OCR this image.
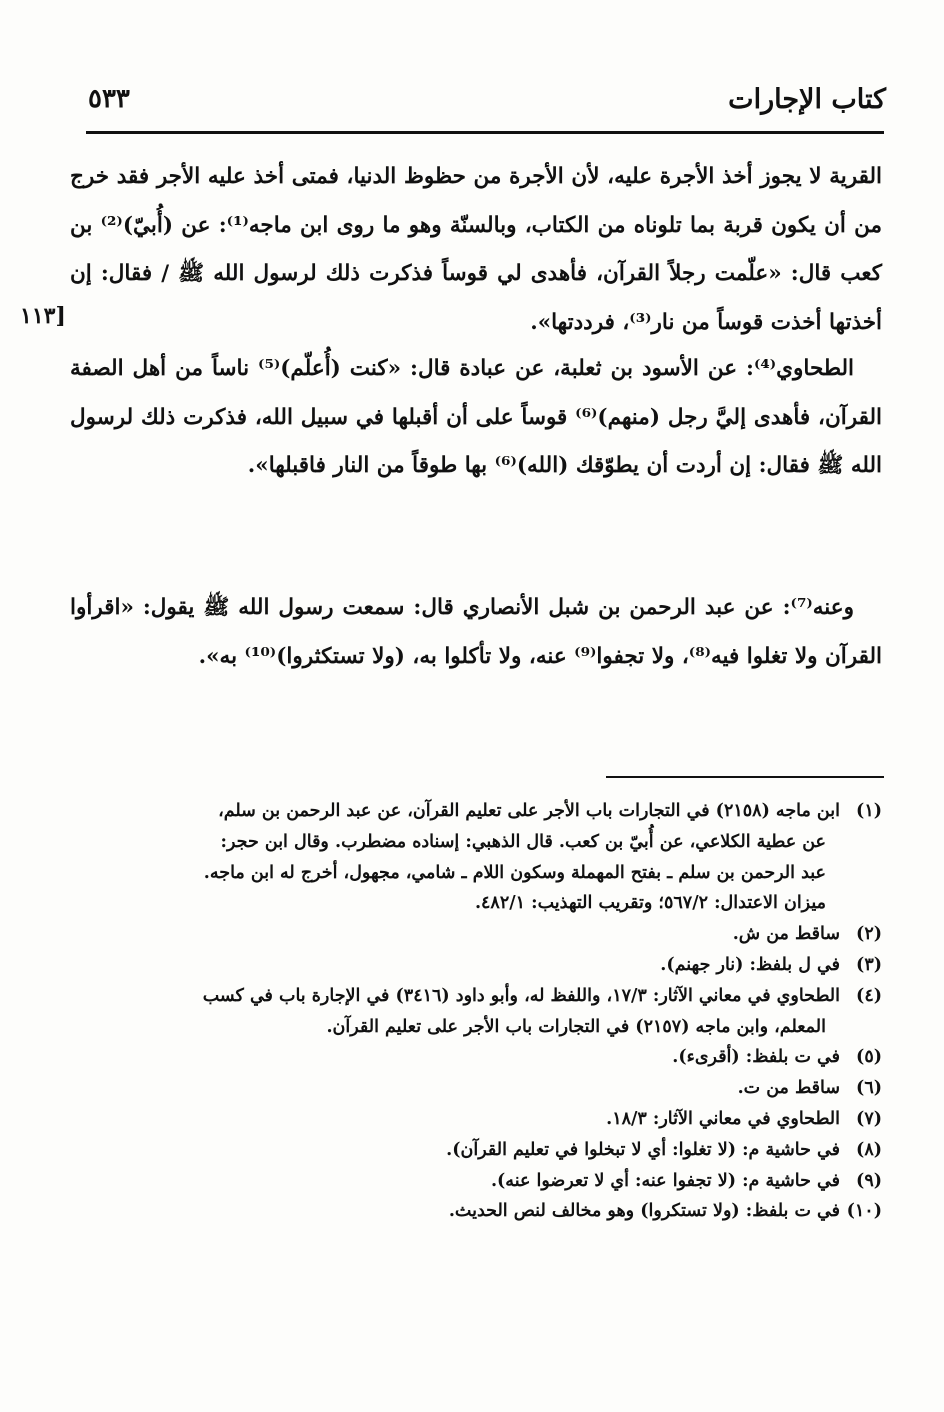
كتاب الإجارات
٥٣٣
١١٣]

القرية لا يجوز أخذ الأجرة عليه، لأن الأجرة من حظوظ الدنيا، فمتى أخذ عليه الأجر فقد خرج من أن يكون قربة بما تلوناه من الكتاب، وبالسنّة وهو ما روى ابن ماجه⁽¹⁾: عن (أُبيّ)⁽²⁾ بن كعب قال: «علّمت رجلاً القرآن، فأهدى لي قوساً فذكرت ذلك لرسول الله ﷺ / فقال: إن أخذتها أخذت قوساً من نار⁽³⁾، فرددتها».

الطحاوي⁽⁴⁾: عن الأسود بن ثعلبة، عن عبادة قال: «كنت (أُعلّم)⁽⁵⁾ ناساً من أهل الصفة القرآن، فأهدى إليَّ رجل (منهم)⁽⁶⁾ قوساً على أن أقبلها في سبيل الله، فذكرت ذلك لرسول الله ﷺ فقال: إن أردت أن يطوّقك (الله)⁽⁶⁾ بها طوقاً من النار فاقبلها».

وعنه⁽⁷⁾: عن عبد الرحمن بن شبل الأنصاري قال: سمعت رسول الله ﷺ يقول: «اقرأوا القرآن ولا تغلوا فيه⁽⁸⁾، ولا تجفوا⁽⁹⁾ عنه، ولا تأكلوا به، (ولا تستكثروا)⁽¹⁰⁾ به».

(١)
ابن ماجه (٢١٥٨) في التجارات باب الأجر على تعليم القرآن، عن عبد الرحمن بن سلم،
عن عطية الكلاعي، عن أُبيّ بن كعب. قال الذهبي: إسناده مضطرب. وقال ابن حجر:
عبد الرحمن بن سلم ـ بفتح المهملة وسكون اللام ـ شامي، مجهول، أخرج له ابن ماجه.
ميزان الاعتدال: ٥٦٧/٢؛ وتقريب التهذيب: ٤٨٢/١.
(٢)
ساقط من ش.
(٣)
في ل بلفظ: (نار جهنم).
(٤)
الطحاوي في معاني الآثار: ١٧/٣، واللفظ له، وأبو داود (٣٤١٦) في الإجارة باب في كسب
المعلم، وابن ماجه (٢١٥٧) في التجارات باب الأجر على تعليم القرآن.
(٥)
في ت بلفظ: (أقرىء).
(٦)
ساقط من ت.
(٧)
الطحاوي في معاني الآثار: ١٨/٣.
(٨)
في حاشية م: (لا تغلوا: أي لا تبخلوا في تعليم القرآن).
(٩)
في حاشية م: (لا تجفوا عنه: أي لا تعرضوا عنه).
(١٠)
في ت بلفظ: (ولا تستكروا) وهو مخالف لنص الحديث.
